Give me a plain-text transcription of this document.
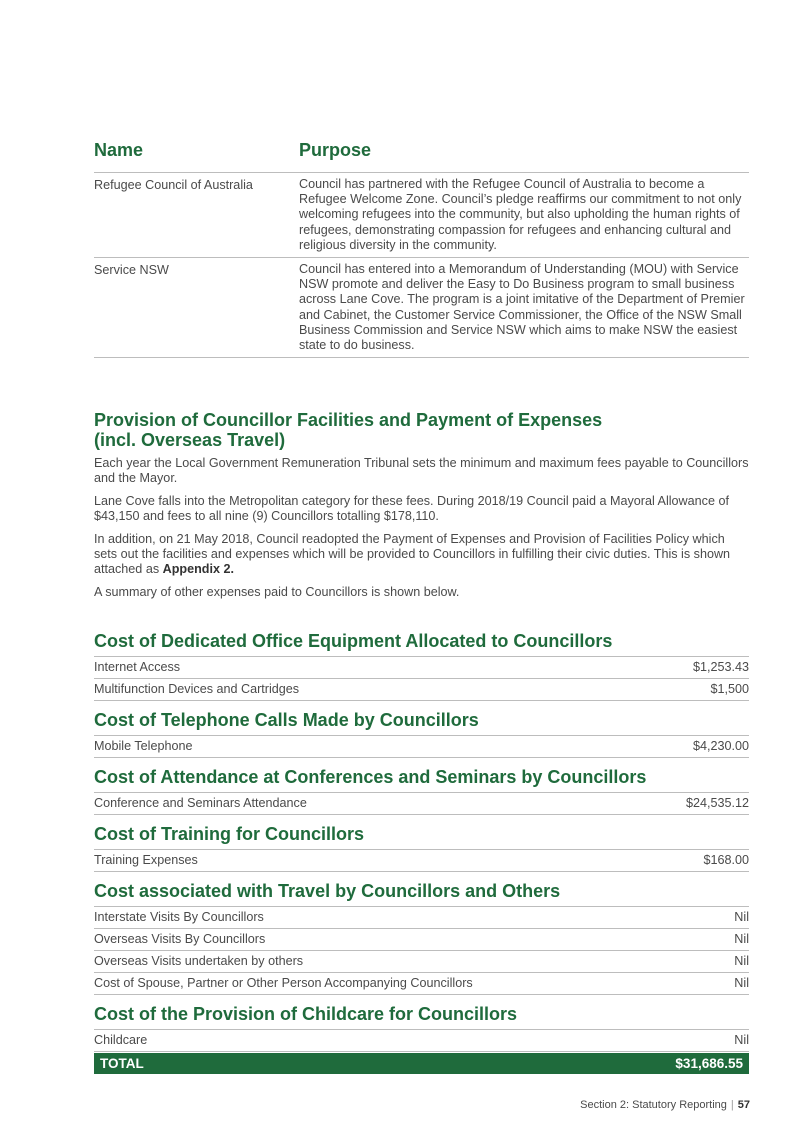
Name	Purpose
Refugee Council of Australia	Council has partnered with the Refugee Council of Australia to become a Refugee Welcome Zone. Council’s pledge reaffirms our commitment to not only welcoming refugees into the community, but also upholding the human rights of refugees, demonstrating compassion for refugees and enhancing cultural and religious diversity in the community.
Service NSW	Council has entered into a Memorandum of Understanding (MOU) with Service NSW promote and deliver the Easy to Do Business program to small business across Lane Cove. The program is a joint imitative of the Department of Premier and Cabinet, the Customer Service Commissioner, the Office of the NSW Small Business Commission and Service NSW which aims to make NSW the easiest state to do business.
Provision of Councillor Facilities and Payment of Expenses
(incl. Overseas Travel)

Each year the Local Government Remuneration Tribunal sets the minimum and maximum fees payable to Councillors and the Mayor.

Lane Cove falls into the Metropolitan category for these fees. During 2018/19 Council paid a Mayoral Allowance of $43,150 and fees to all nine (9) Councillors totalling $178,110.

In addition, on 21 May 2018, Council readopted the Payment of Expenses and Provision of Facilities Policy which sets out the facilities and expenses which will be provided to Councillors in fulfilling their civic duties. This is shown attached as Appendix 2.

A summary of other expenses paid to Councillors is shown below.

Cost of Dedicated Office Equipment Allocated to Councillors
Internet Access	$1,253.43
Multifunction Devices and Cartridges	$1,500
Cost of Telephone Calls Made by Councillors
Mobile Telephone	$4,230.00
Cost of Attendance at Conferences and Seminars by Councillors
Conference and Seminars Attendance	$24,535.12
Cost of Training for Councillors
Training Expenses	$168.00
Cost associated with Travel by Councillors and Others
Interstate Visits By Councillors	Nil
Overseas Visits By Councillors	Nil
Overseas Visits undertaken by others	Nil
Cost of Spouse, Partner or Other Person Accompanying Councillors	Nil
Cost of the Provision of Childcare for Councillors
Childcare	Nil
TOTAL	$31,686.55
Section 2: Statutory Reporting | 57
